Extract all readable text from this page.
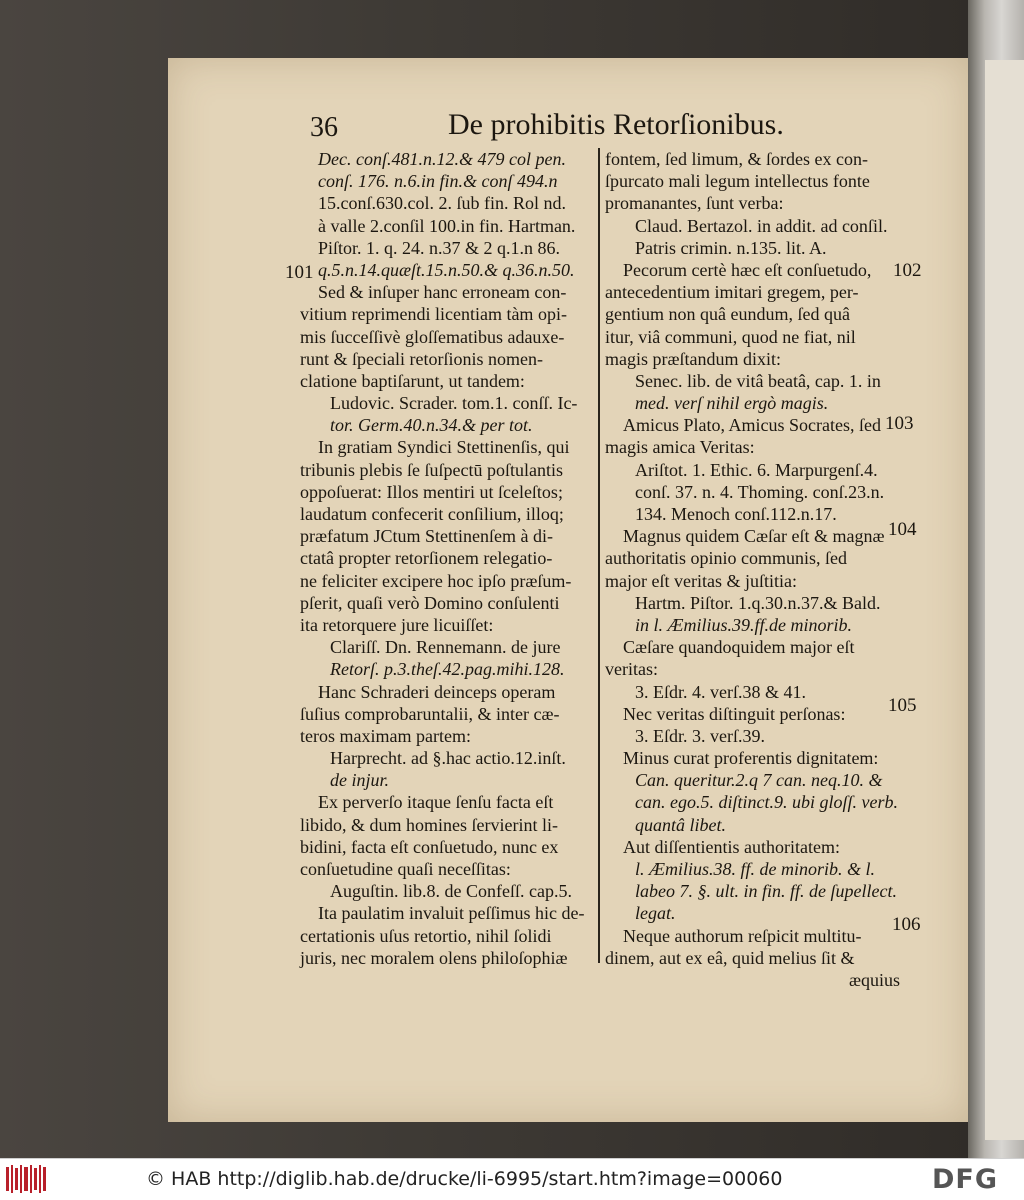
36	De prohibitis Retorſionibus.
Dec. conſ.481.n.12.& 479 col pen.
conſ. 176. n.6.in fin.& conſ 494.n
15.conſ.630.col. 2. ſub fin. Rol nd.
à valle 2.conſil 100.in fin. Hartman.
Piſtor. 1. q. 24. n.37 & 2 q.1.n 86.
q.5.n.14.quæſt.15.n.50.& q.36.n.50.
Sed & inſuper hanc erroneam con-
vitium reprimendi licentiam tàm opi-
mis ſucceſſivè gloſſematibus adauxe-
runt & ſpeciali retorſionis nomen-
clatione baptiſarunt, ut tandem:
Ludovic. Scrader. tom.1. conſſ. Ic-
tor. Germ.40.n.34.& per tot.
In gratiam Syndici Stettinenſis, qui
tribunis plebis ſe ſuſpectū poſtulantis
oppoſuerat: Illos mentiri ut ſceleſtos;
laudatum confecerit conſilium, illoq;
præfatum JCtum Stettinenſem à di-
ctatâ propter retorſionem relegatio-
ne feliciter excipere hoc ipſo præſum-
pſerit, quaſi verò Domino conſulenti
ita retorquere jure licuiſſet:
Clariſſ. Dn. Rennemann. de jure
Retorſ. p.3.theſ.42.pag.mihi.128.
Hanc Schraderi deinceps operam
ſuſius comprobaruntalii, & inter cæ-
teros maximam partem:
Harprecht. ad §.hac actio.12.inſt.
de injur.
Ex perverſo itaque ſenſu facta eſt
libido, & dum homines ſervierint li-
bidini, facta eſt conſuetudo, nunc ex
conſuetudine quaſi neceſſitas:
Auguſtin. lib.8. de Confeſſ. cap.5.
Ita paulatim invaluit peſſimus hic de-
certationis uſus retortio, nihil ſolidi
juris, nec moralem olens philoſophiæ
fontem, ſed limum, & ſordes ex con-
ſpurcato mali legum intellectus fonte
promanantes, ſunt verba:
Claud. Bertazol. in addit. ad conſil.
Patris crimin. n.135. lit. A.
Pecorum certè hæc eſt conſuetudo,
antecedentium imitari gregem, per-
gentium non quâ eundum, ſed quâ
itur, viâ communi, quod ne fiat, nil
magis præſtandum dixit:
Senec. lib. de vitâ beatâ, cap. 1. in
med. verſ nihil ergò magis.
Amicus Plato, Amicus Socrates, ſed
magis amica Veritas:
Ariſtot. 1. Ethic. 6. Marpurgenſ.4.
conſ. 37. n. 4. Thoming. conſ.23.n.
134. Menoch conſ.112.n.17.
Magnus quidem Cæſar eſt & magnæ
authoritatis opinio communis, ſed
major eſt veritas & juſtitia:
Hartm. Piſtor. 1.q.30.n.37.& Bald.
in l. Æmilius.39.ff.de minorib.
Cæſare quandoquidem major eſt
veritas:
3. Eſdr. 4. verſ.38 & 41.
Nec veritas diſtinguit perſonas:
3. Eſdr. 3. verſ.39.
Minus curat proferentis dignitatem:
Can. queritur.2.q 7 can. neq.10. &
can. ego.5. diſtinct.9. ubi gloſſ. verb.
quantâ libet.
Aut diſſentientis authoritatem:
l. Æmilius.38. ff. de minorib. & l.
labeo 7. §. ult. in fin. ff. de ſupellect.
legat.
Neque authorum reſpicit multitu-
dinem, aut ex eâ, quid melius ſit &
æquius
101	102
103
104
105
106
© HAB http://diglib.hab.de/drucke/li-6995/start.htm?image=00060	DFG
